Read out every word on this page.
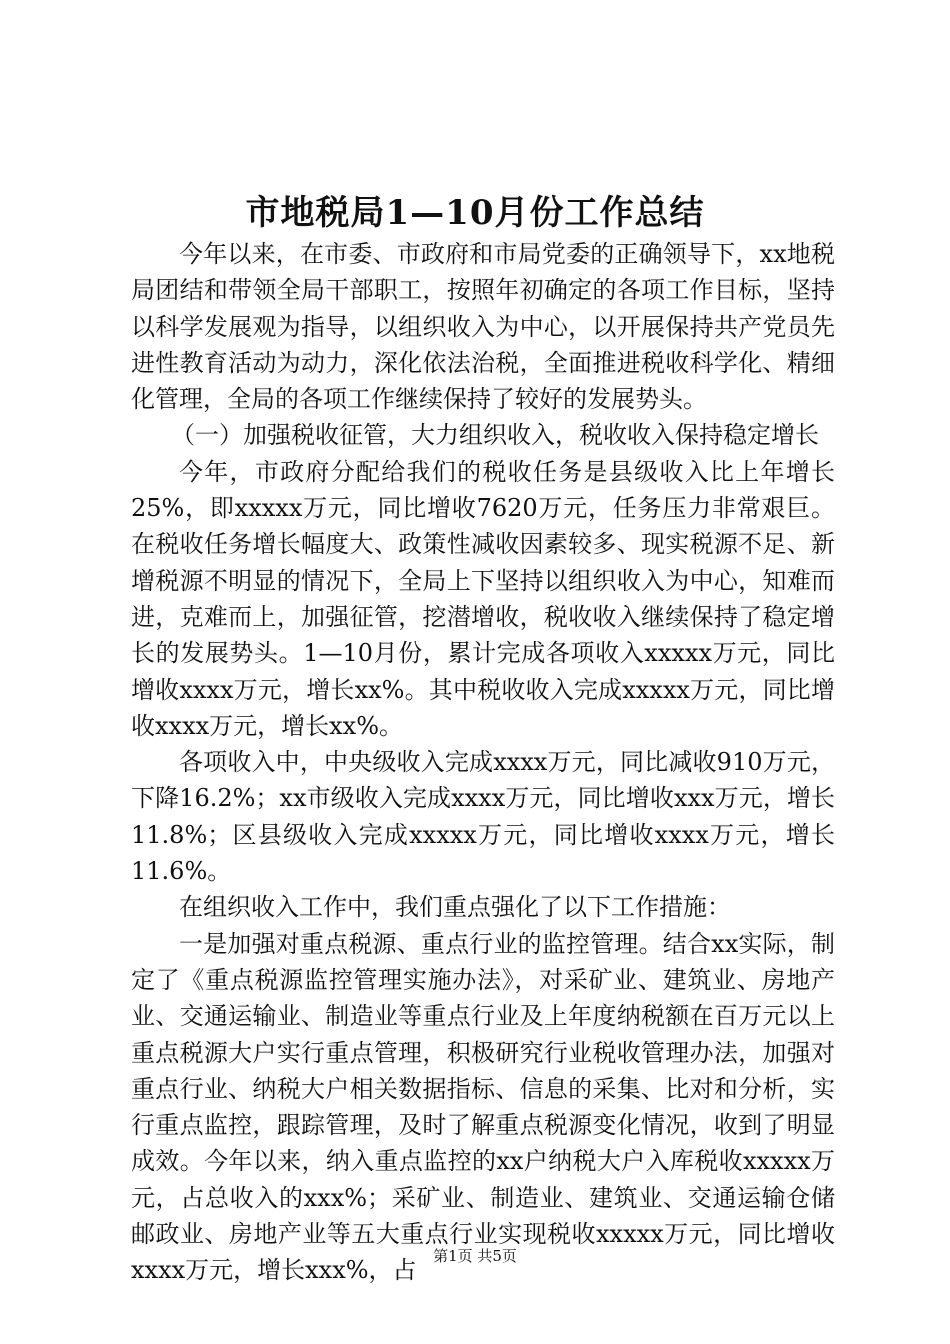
市地税局1—10月份工作总结

今年以来，在市委、市政府和市局党委的正确领导下，xx地税局团结和带领全局干部职工，按照年初确定的各项工作目标，坚持以科学发展观为指导，以组织收入为中心，以开展保持共产党员先进性教育活动为动力，深化依法治税，全面推进税收科学化、精细化管理，全局的各项工作继续保持了较好的发展势头。

（一）加强税收征管，大力组织收入，税收收入保持稳定增长

今年，市政府分配给我们的税收任务是县级收入比上年增长25%，即xxxxx万元，同比增收7620万元，任务压力非常艰巨。在税收任务增长幅度大、政策性减收因素较多、现实税源不足、新增税源不明显的情况下，全局上下坚持以组织收入为中心，知难而进，克难而上，加强征管，挖潜增收，税收收入继续保持了稳定增长的发展势头。1—10月份，累计完成各项收入xxxxx万元，同比增收xxxx万元，增长xx%。其中税收收入完成xxxxx万元，同比增收xxxx万元，增长xx%。

各项收入中，中央级收入完成xxxx万元，同比减收910万元，下降16.2%；xx市级收入完成xxxx万元，同比增收xxx万元，增长11.8%；区县级收入完成xxxxx万元，同比增收xxxx万元，增长11.6%。

在组织收入工作中，我们重点强化了以下工作措施：

一是加强对重点税源、重点行业的监控管理。结合xx实际，制定了《重点税源监控管理实施办法》，对采矿业、建筑业、房地产业、交通运输业、制造业等重点行业及上年度纳税额在百万元以上重点税源大户实行重点管理，积极研究行业税收管理办法，加强对重点行业、纳税大户相关数据指标、信息的采集、比对和分析，实行重点监控，跟踪管理，及时了解重点税源变化情况，收到了明显成效。今年以来，纳入重点监控的xx户纳税大户入库税收xxxxx万元，占总收入的xxx%；采矿业、制造业、建筑业、交通运输仓储邮政业、房地产业等五大重点行业实现税收xxxxx万元，同比增收xxxx万元，增长xxx%，占

第1页 共5页
